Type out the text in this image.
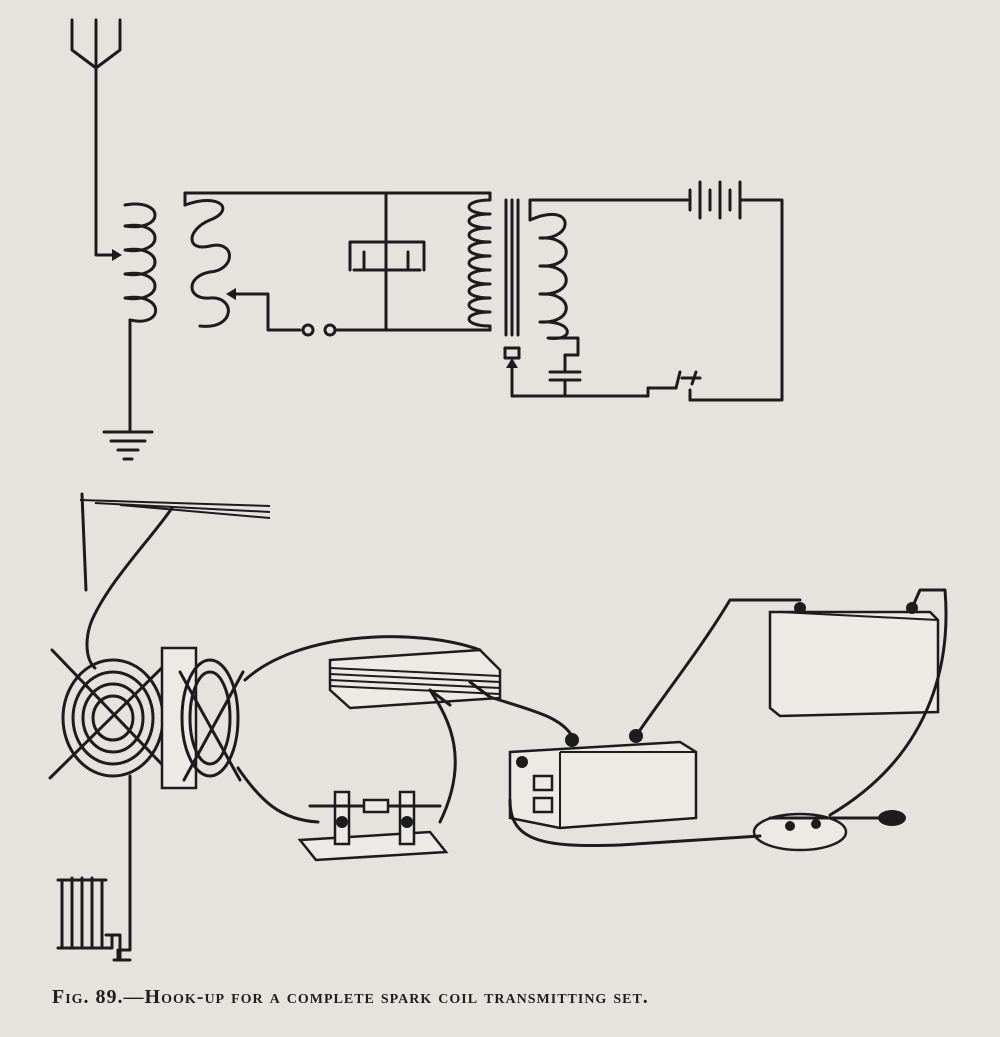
Fig. 89.—Hook-up for a complete spark coil transmitting set.
